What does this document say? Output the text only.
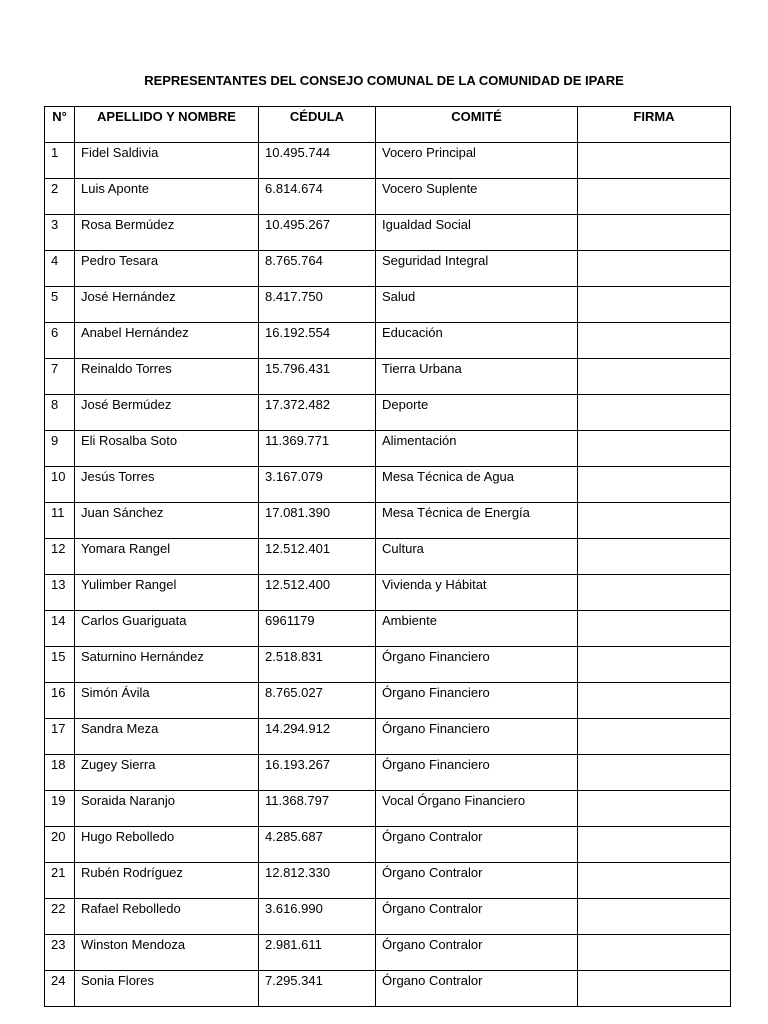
REPRESENTANTES DEL CONSEJO COMUNAL DE LA COMUNIDAD DE IPARE
N°	APELLIDO Y NOMBRE	CÉDULA	COMITÉ	FIRMA
1	Fidel Saldivia	10.495.744	Vocero Principal	
2	Luis Aponte	6.814.674	Vocero Suplente	
3	Rosa Bermúdez	10.495.267	Igualdad Social	
4	Pedro Tesara	8.765.764	Seguridad Integral	
5	José Hernández	8.417.750	Salud	
6	Anabel Hernández	16.192.554	Educación	
7	Reinaldo Torres	15.796.431	Tierra Urbana	
8	José Bermúdez	17.372.482	Deporte	
9	Eli Rosalba Soto	11.369.771	Alimentación	
10	Jesús Torres	3.167.079	Mesa Técnica de Agua	
11	Juan Sánchez	17.081.390	Mesa Técnica de Energía	
12	Yomara Rangel	12.512.401	Cultura	
13	Yulimber Rangel	12.512.400	Vivienda y Hábitat	
14	Carlos Guariguata	6961179	Ambiente	
15	Saturnino Hernández	2.518.831	Órgano Financiero	
16	Simón Ávila	8.765.027	Órgano Financiero	
17	Sandra Meza	14.294.912	Órgano Financiero	
18	Zugey Sierra	16.193.267	Órgano Financiero	
19	Soraida Naranjo	11.368.797	Vocal Órgano Financiero	
20	Hugo Rebolledo	4.285.687	Órgano Contralor	
21	Rubén Rodríguez	12.812.330	Órgano Contralor	
22	Rafael Rebolledo	3.616.990	Órgano Contralor	
23	Winston Mendoza	2.981.611	Órgano Contralor	
24	Sonia Flores	7.295.341	Órgano Contralor	
